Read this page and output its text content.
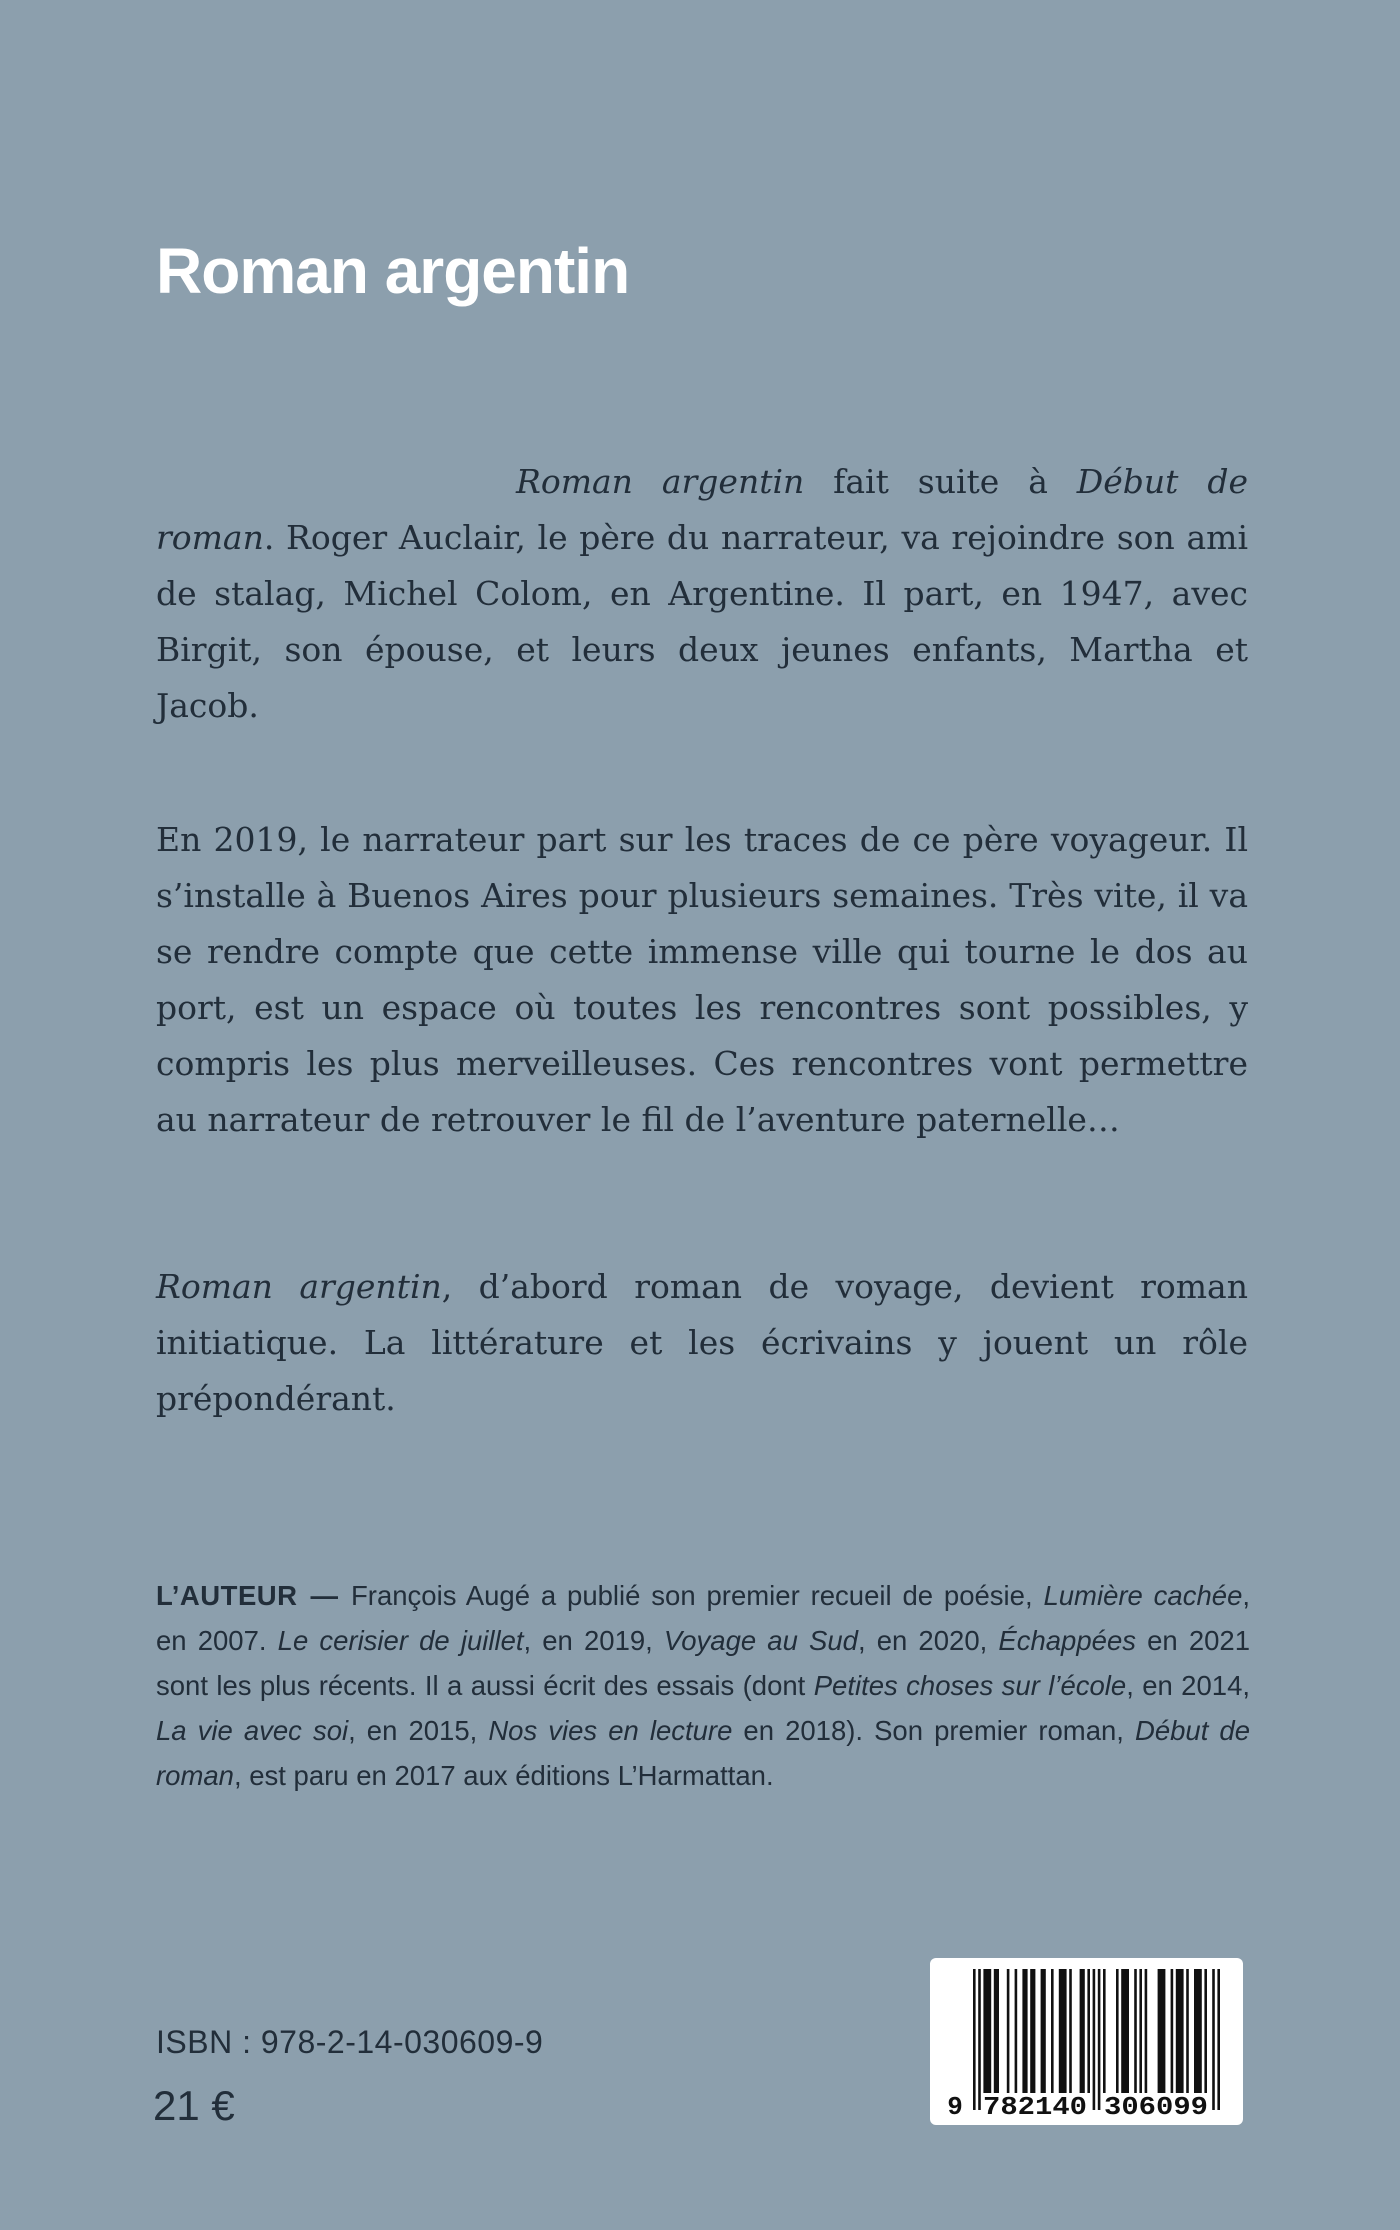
Roman argentin

Roman argentin fait suite à Début de roman. Roger Auclair, le père du narrateur, va rejoindre son ami de stalag, Michel Colom, en Argentine. Il part, en 1947, avec Birgit, son épouse, et leurs deux jeunes enfants, Martha et Jacob.

En 2019, le narrateur part sur les traces de ce père voyageur. Il s’installe à Buenos Aires pour plusieurs semaines. Très vite, il va se rendre compte que cette immense ville qui tourne le dos au port, est un espace où toutes les rencontres sont possibles, y compris les plus merveilleuses. Ces rencontres vont permettre au narrateur de retrouver le fil de l’aventure paternelle…

Roman argentin, d’abord roman de voyage, devient roman initiatique. La littérature et les écrivains y jouent un rôle prépondérant.

L’AUTEUR — François Augé a publié son premier recueil de poésie, Lumière cachée, en 2007. Le cerisier de juillet, en 2019, Voyage au Sud, en 2020, Échappées en 2021 sont les plus récents. Il a aussi écrit des essais (dont Petites choses sur l’école, en 2014, La vie avec soi, en 2015, Nos vies en lecture en 2018). Son premier roman, Début de roman, est paru en 2017 aux éditions L’Harmattan.

ISBN : 978-2-14-030609-9
21 €	9 782140 306099
